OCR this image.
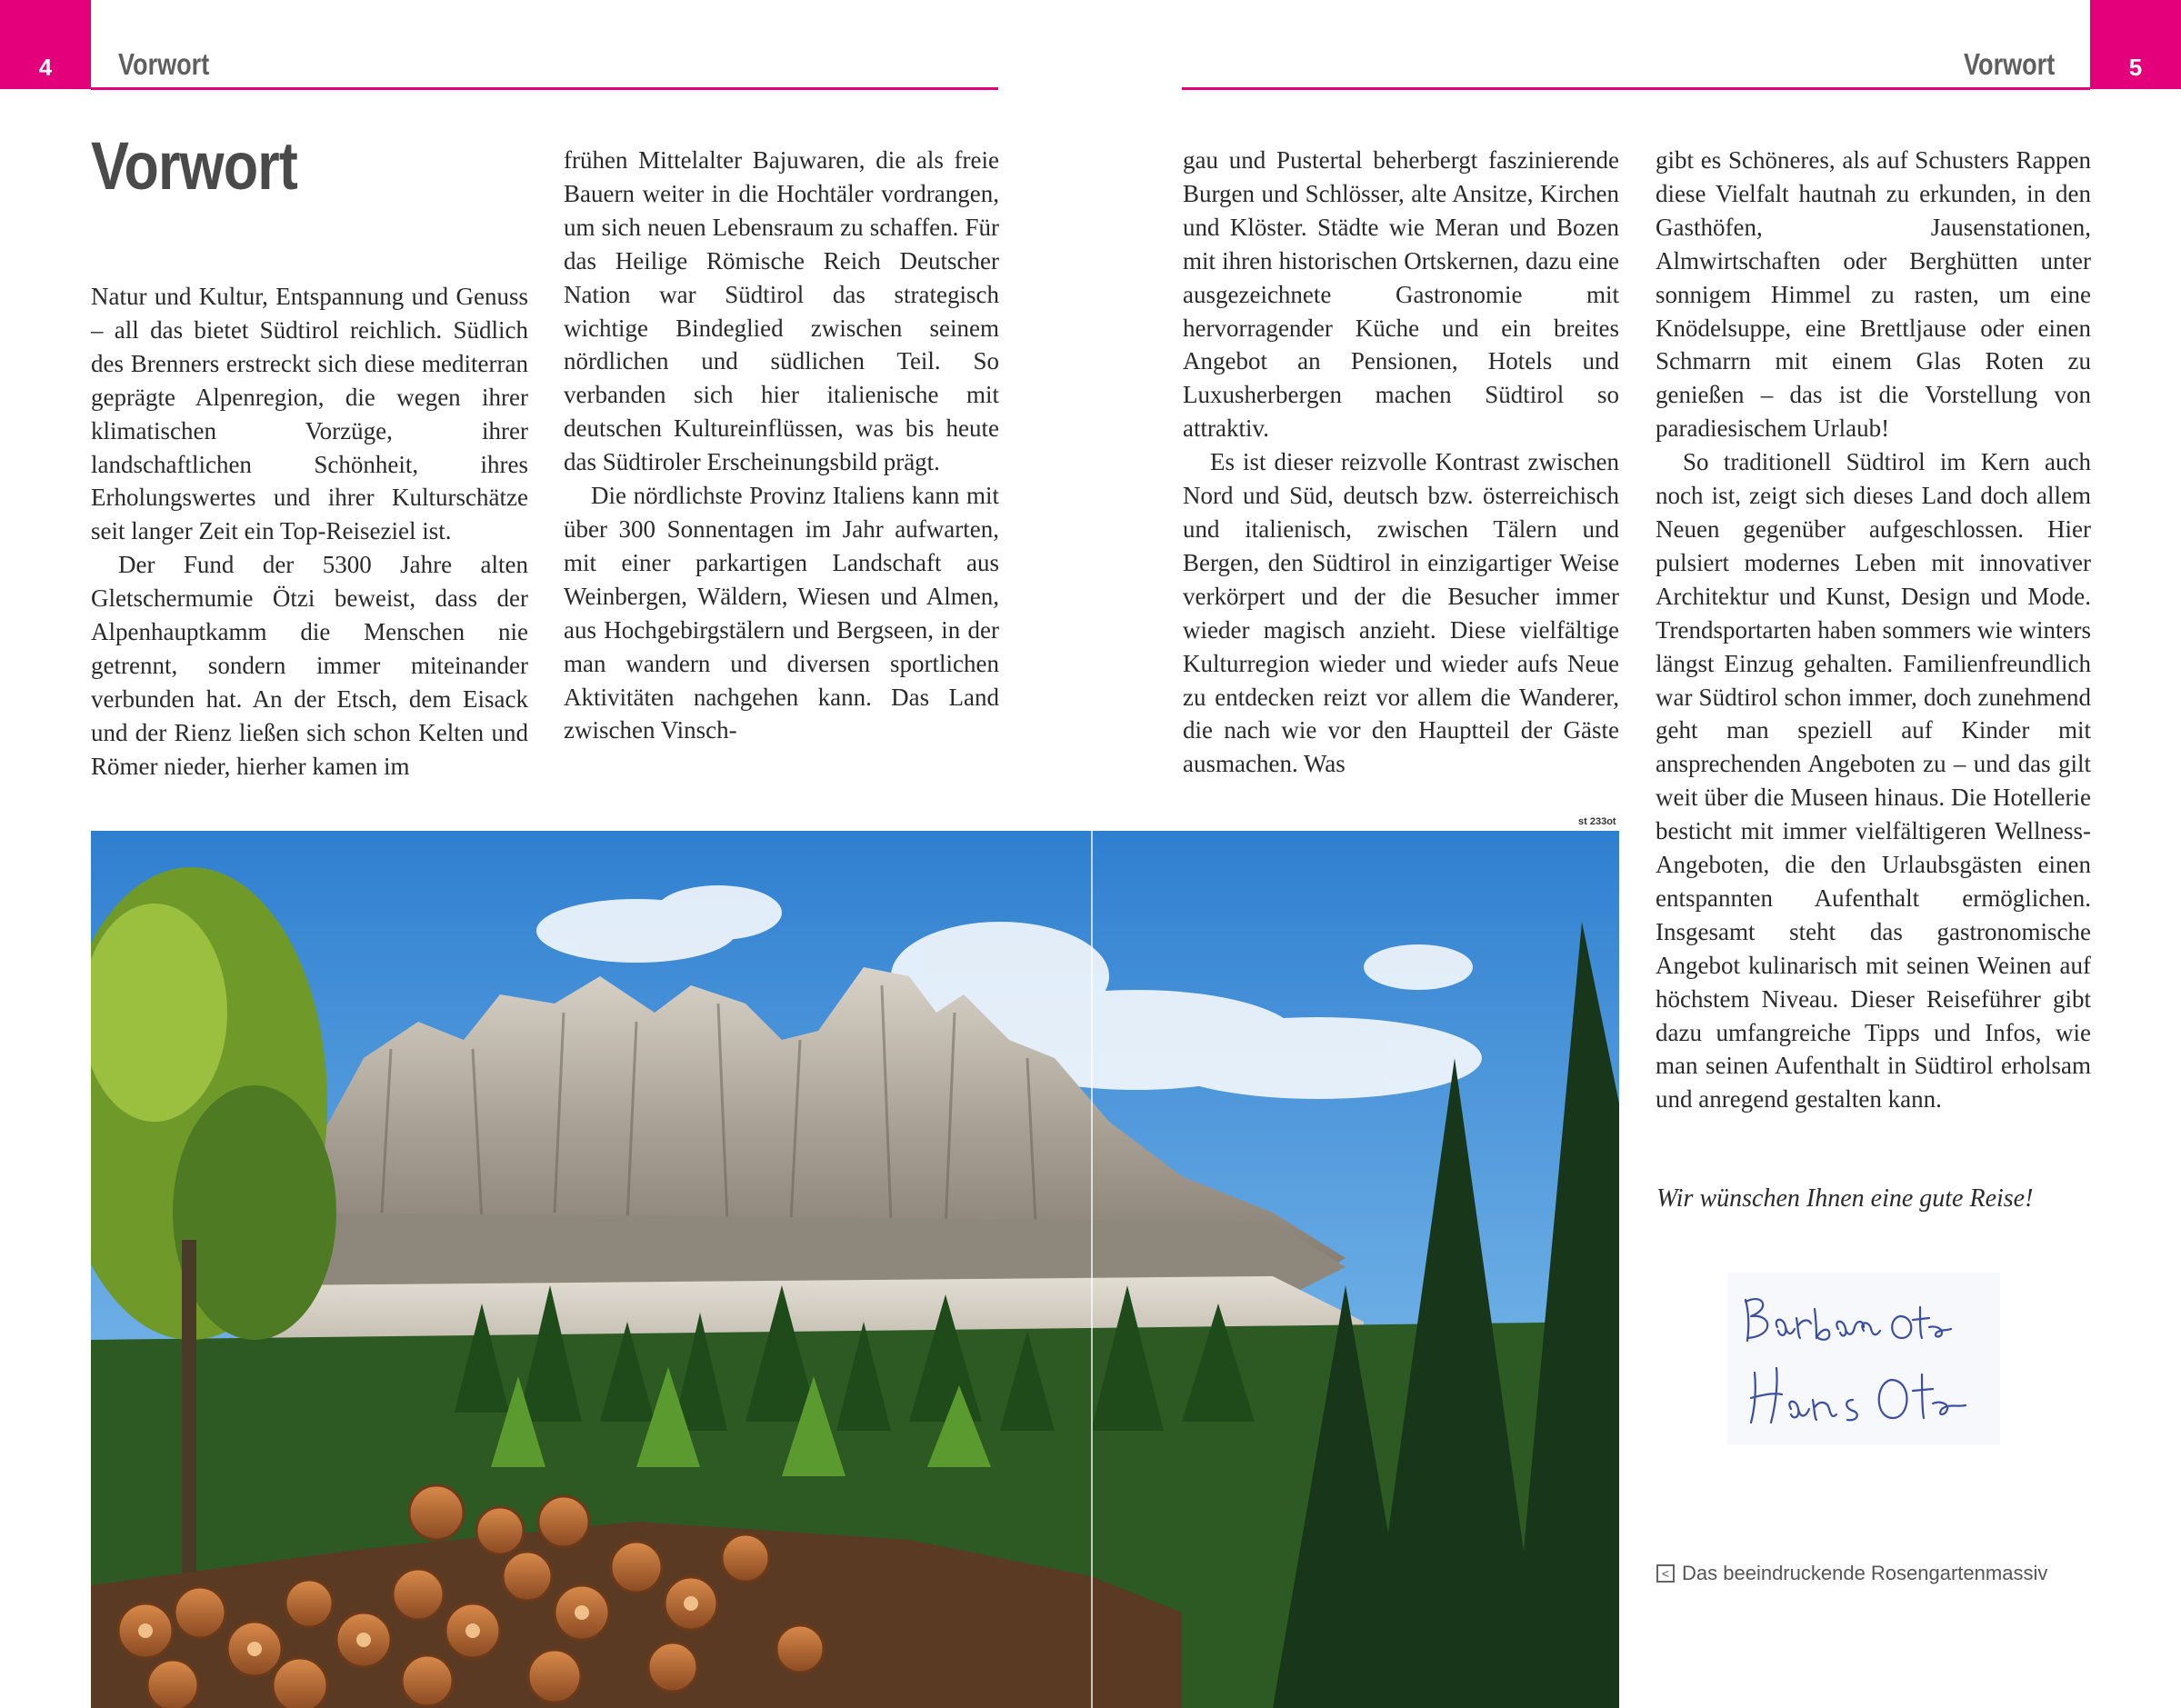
4 Vorwort	5
Vorwort
Vorwort

Natur und Kultur, Entspannung und Genuss – all das bietet Südtirol reichlich. Südlich des Brenners erstreckt sich diese mediterran geprägte Alpenregion, die wegen ihrer klimatischen Vorzüge, ihrer landschaftlichen Schönheit, ihres Erholungswertes und ihrer Kulturschätze seit langer Zeit ein Top-Reiseziel ist.

Der Fund der 5300 Jahre alten Gletschermumie Ötzi beweist, dass der Alpenhauptkamm die Menschen nie getrennt, sondern immer miteinander verbunden hat. An der Etsch, dem Eisack und der Rienz ließen sich schon Kelten und Römer nieder, hierher kamen im

frühen Mittelalter Bajuwaren, die als freie Bauern weiter in die Hochtäler vordrangen, um sich neuen Lebensraum zu schaffen. Für das Heilige Römische Reich Deutscher Nation war Südtirol das strategisch wichtige Bindeglied zwischen seinem nördlichen und südlichen Teil. So verbanden sich hier italienische mit deutschen Kultureinflüssen, was bis heute das Südtiroler Erscheinungsbild prägt.

Die nördlichste Provinz Italiens kann mit über 300 Sonnentagen im Jahr aufwarten, mit einer parkartigen Landschaft aus Weinbergen, Wäldern, Wiesen und Almen, aus Hochgebirgstälern und Bergseen, in der man wandern und diversen sportlichen Aktivitäten nachgehen kann. Das Land zwischen Vinsch-

gau und Pustertal beherbergt faszinierende Burgen und Schlösser, alte Ansitze, Kirchen und Klöster. Städte wie Meran und Bozen mit ihren historischen Ortskernen, dazu eine ausgezeichnete Gastronomie mit hervorragender Küche und ein breites Angebot an Pensionen, Hotels und Luxusherbergen machen Südtirol so attraktiv.

Es ist dieser reizvolle Kontrast zwischen Nord und Süd, deutsch bzw. österreichisch und italienisch, zwischen Tälern und Bergen, den Südtirol in einzigartiger Weise verkörpert und der die Besucher immer wieder magisch anzieht. Diese vielfältige Kulturregion wieder und wieder aufs Neue zu entdecken reizt vor allem die Wanderer, die nach wie vor den Hauptteil der Gäste ausmachen. Was

gibt es Schöneres, als auf Schusters Rappen diese Vielfalt hautnah zu erkunden, in den Gasthöfen, Jausenstationen, Almwirtschaften oder Berghütten unter sonnigem Himmel zu rasten, um eine Knödelsuppe, eine Brettljause oder einen Schmarrn mit einem Glas Roten zu genießen – das ist die Vorstellung von paradiesischem Urlaub!

So traditionell Südtirol im Kern auch noch ist, zeigt sich dieses Land doch allem Neuen gegenüber aufgeschlossen. Hier pulsiert modernes Leben mit innovativer Architektur und Kunst, Design und Mode. Trendsportarten haben sommers wie winters längst Einzug gehalten. Familienfreundlich war Südtirol schon immer, doch zunehmend geht man speziell auf Kinder mit ansprechenden Angeboten zu – und das gilt weit über die Museen hinaus. Die Hotellerie besticht mit immer vielfältigeren Wellness-Angeboten, die den Urlaubsgästen einen entspannten Aufenthalt ermöglichen. Insgesamt steht das gastronomische Angebot kulinarisch mit seinen Weinen auf höchstem Niveau. Dieser Reiseführer gibt dazu umfangreiche Tipps und Infos, wie man seinen Aufenthalt in Südtirol erholsam und anregend gestalten kann.

Wir wünschen Ihnen eine gute Reise!
st 233ot
< Das beeindruckende Rosengartenmassiv
